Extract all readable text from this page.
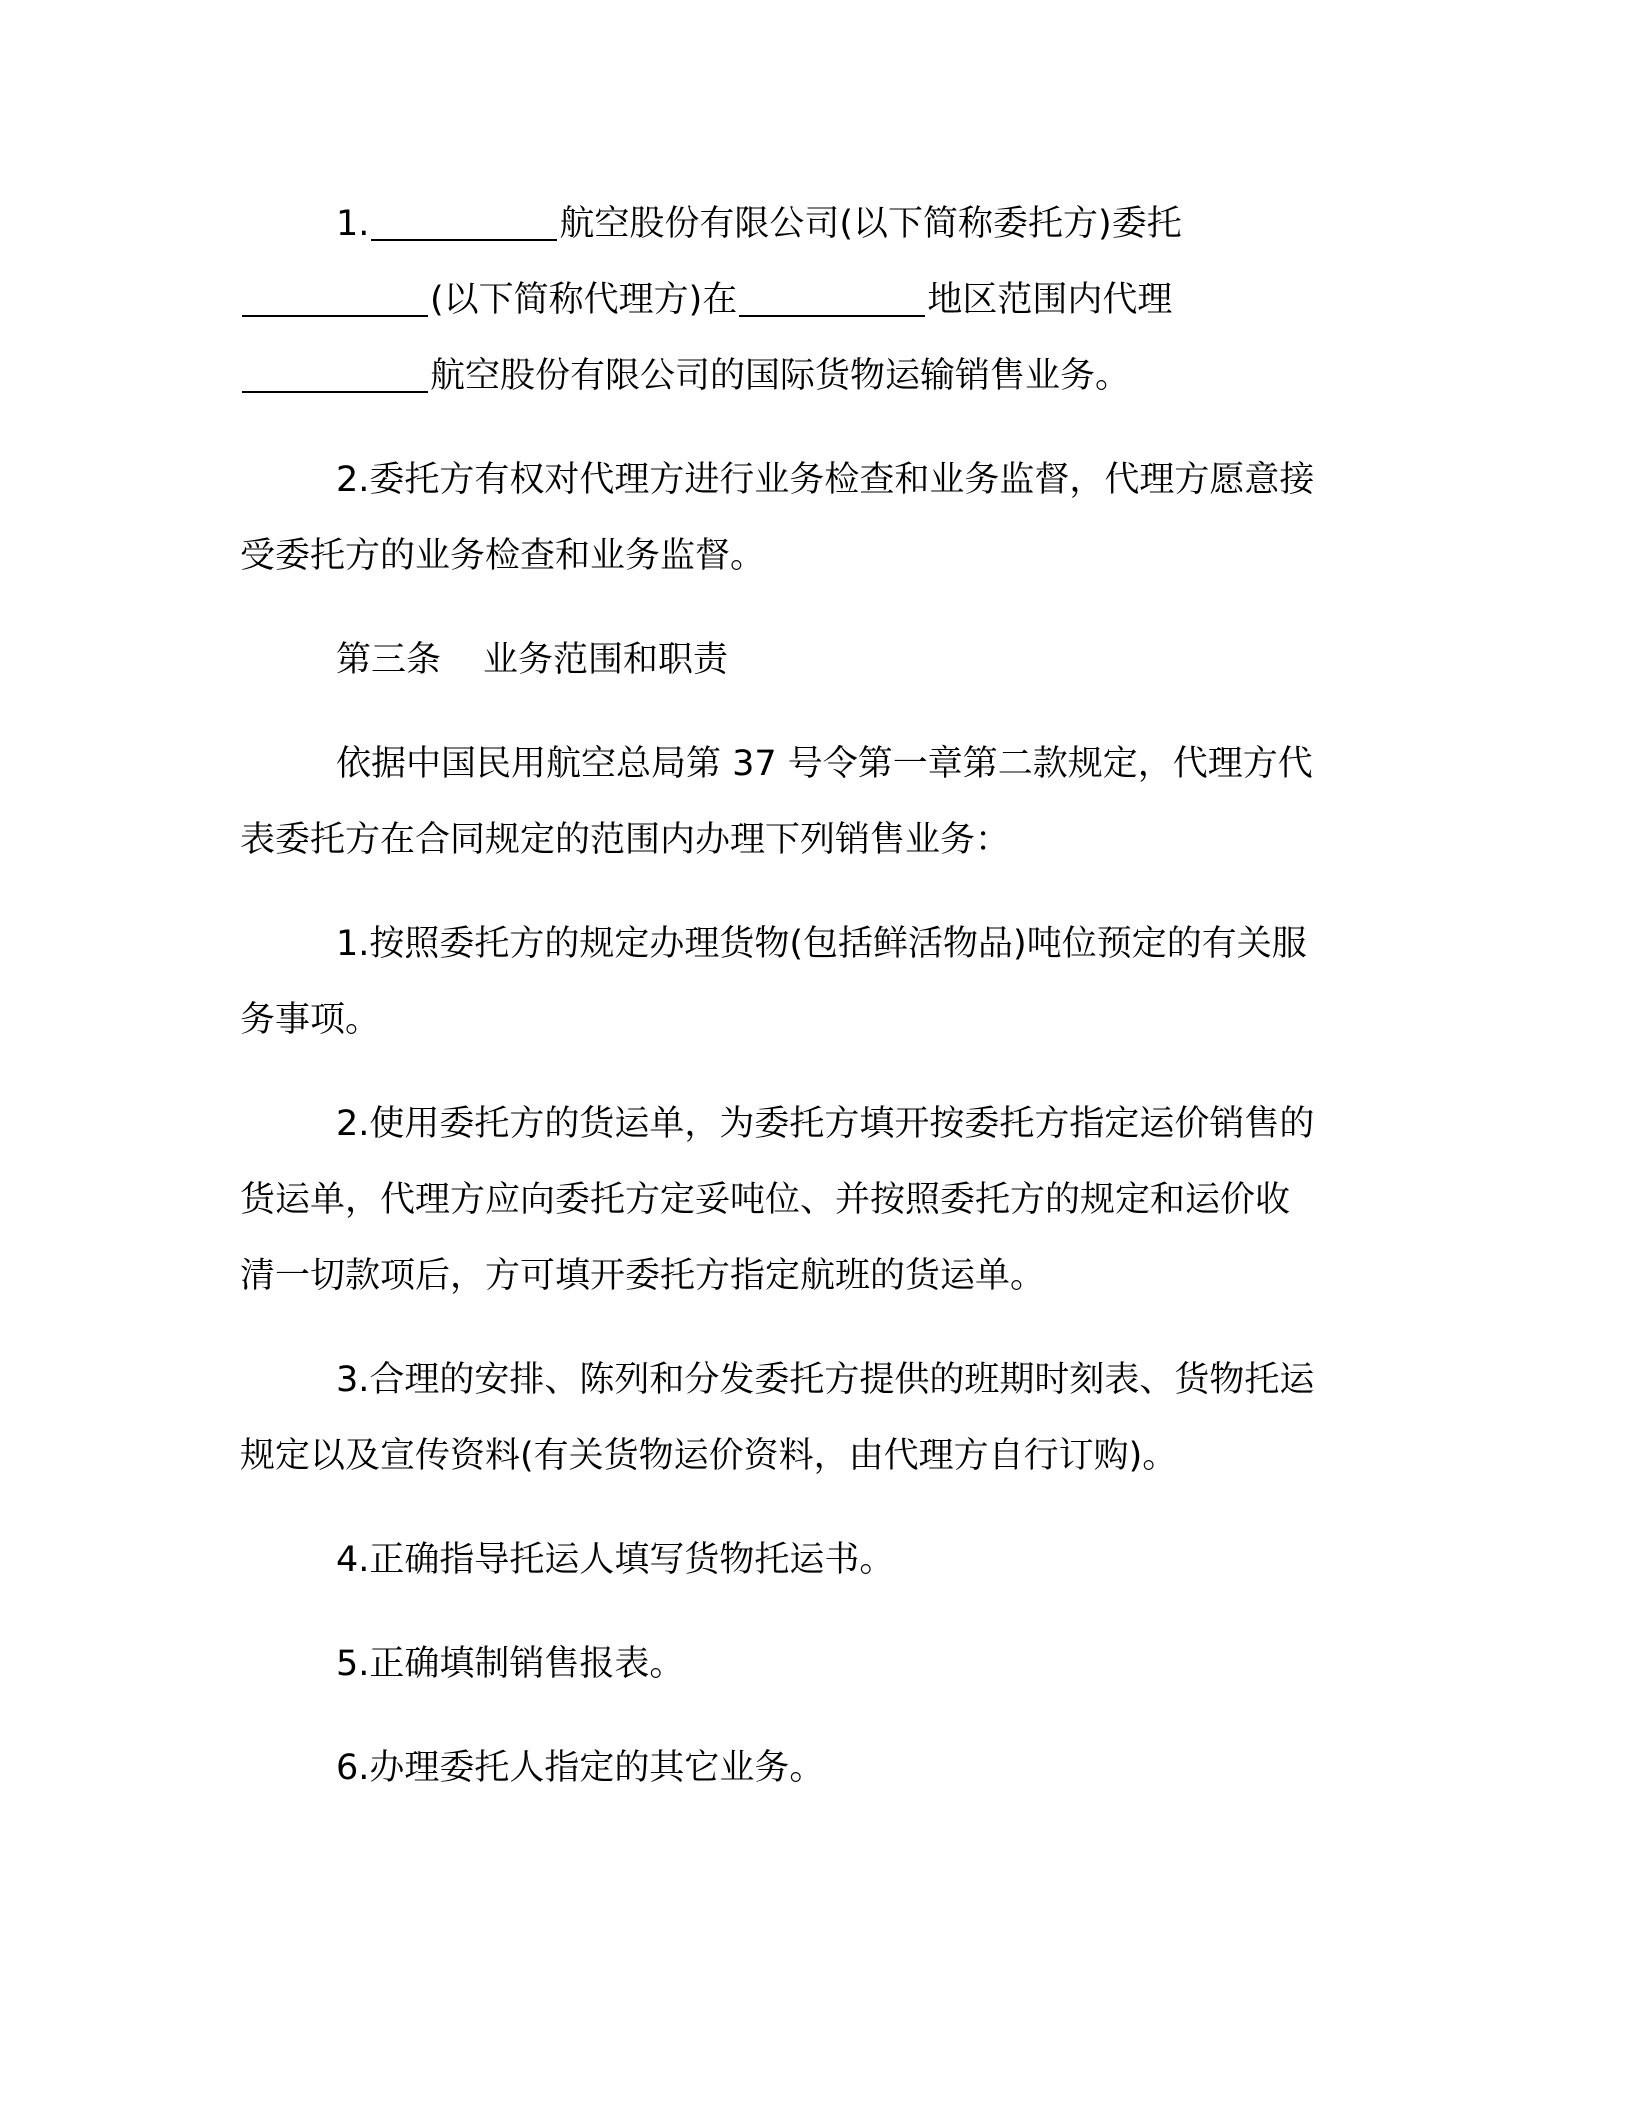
1.	航空股份有限公司(以下简称委托方)委托
(以下简称代理方)在	地区范围内代理
航空股份有限公司的国际货物运输销售业务。

2.委托方有权对代理方进行业务检查和业务监督，代理方愿意接
受委托方的业务检查和业务监督。

第三条 业务范围和职责

依据中国民用航空总局第 37 号令第一章第二款规定，代理方代
表委托方在合同规定的范围内办理下列销售业务：

1.按照委托方的规定办理货物(包括鲜活物品)吨位预定的有关服
务事项。

2.使用委托方的货运单，为委托方填开按委托方指定运价销售的
货运单，代理方应向委托方定妥吨位、并按照委托方的规定和运价收
清一切款项后，方可填开委托方指定航班的货运单。

3.合理的安排、陈列和分发委托方提供的班期时刻表、货物托运
规定以及宣传资料(有关货物运价资料，由代理方自行订购)。

4.正确指导托运人填写货物托运书。

5.正确填制销售报表。

6.办理委托人指定的其它业务。
